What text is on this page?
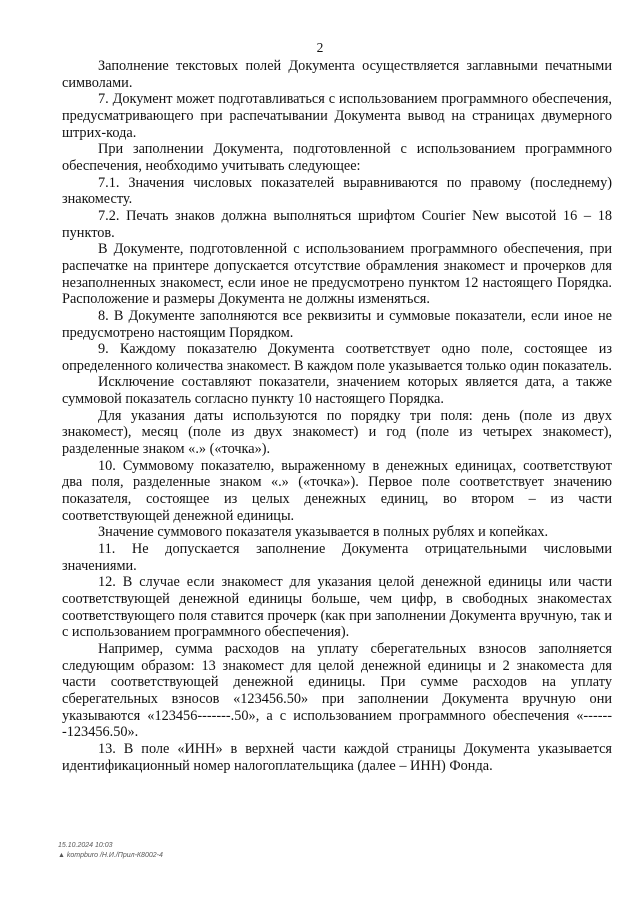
2

Заполнение текстовых полей Документа осуществляется заглавными печатными символами.

7. Документ может подготавливаться с использованием программного обеспечения, предусматривающего при распечатывании Документа вывод на страницах двумерного штрих-кода.

При заполнении Документа, подготовленной с использованием программного обеспечения, необходимо учитывать следующее:

7.1. Значения числовых показателей выравниваются по правому (последнему) знакоместу.

7.2. Печать знаков должна выполняться шрифтом Courier New высотой 16 – 18 пунктов.

В Документе, подготовленной с использованием программного обеспечения, при распечатке на принтере допускается отсутствие обрамления знакомест и прочерков для незаполненных знакомест, если иное не предусмотрено пунктом 12 настоящего Порядка. Расположение и размеры Документа не должны изменяться.

8. В Документе заполняются все реквизиты и суммовые показатели, если иное не предусмотрено настоящим Порядком.

9. Каждому показателю Документа соответствует одно поле, состоящее из определенного количества знакомест. В каждом поле указывается только один показатель.

Исключение составляют показатели, значением которых является дата, а также суммовой показатель согласно пункту 10 настоящего Порядка.

Для указания даты используются по порядку три поля: день (поле из двух знакомест), месяц (поле из двух знакомест) и год (поле из четырех знакомест), разделенные знаком «.» («точка»).

10. Суммовому показателю, выраженному в денежных единицах, соответствуют два поля, разделенные знаком «.» («точка»). Первое поле соответствует значению показателя, состоящее из целых денежных единиц, во втором – из части соответствующей денежной единицы.

Значение суммового показателя указывается в полных рублях и копейках.

11. Не допускается заполнение Документа отрицательными числовыми значениями.

12. В случае если знакомест для указания целой денежной единицы или части соответствующей денежной единицы больше, чем цифр, в свободных знакоместах соответствующего поля ставится прочерк (как при заполнении Документа вручную, так и с использованием программного обеспечения).

Например, сумма расходов на уплату сберегательных взносов заполняется следующим образом: 13 знакомест для целой денежной единицы и 2 знакоместа для части соответствующей денежной единицы. При сумме расходов на уплату сберегательных взносов «123456.50» при заполнении Документа вручную они указываются «123456-------.50», а с использованием программного обеспечения «-------123456.50».

13. В поле «ИНН» в верхней части каждой страницы Документа указывается идентификационный номер налогоплательщика (далее – ИНН) Фонда.

15.10.2024 10:03
▲ kompburo /Н.И./Прил-К8002-4
